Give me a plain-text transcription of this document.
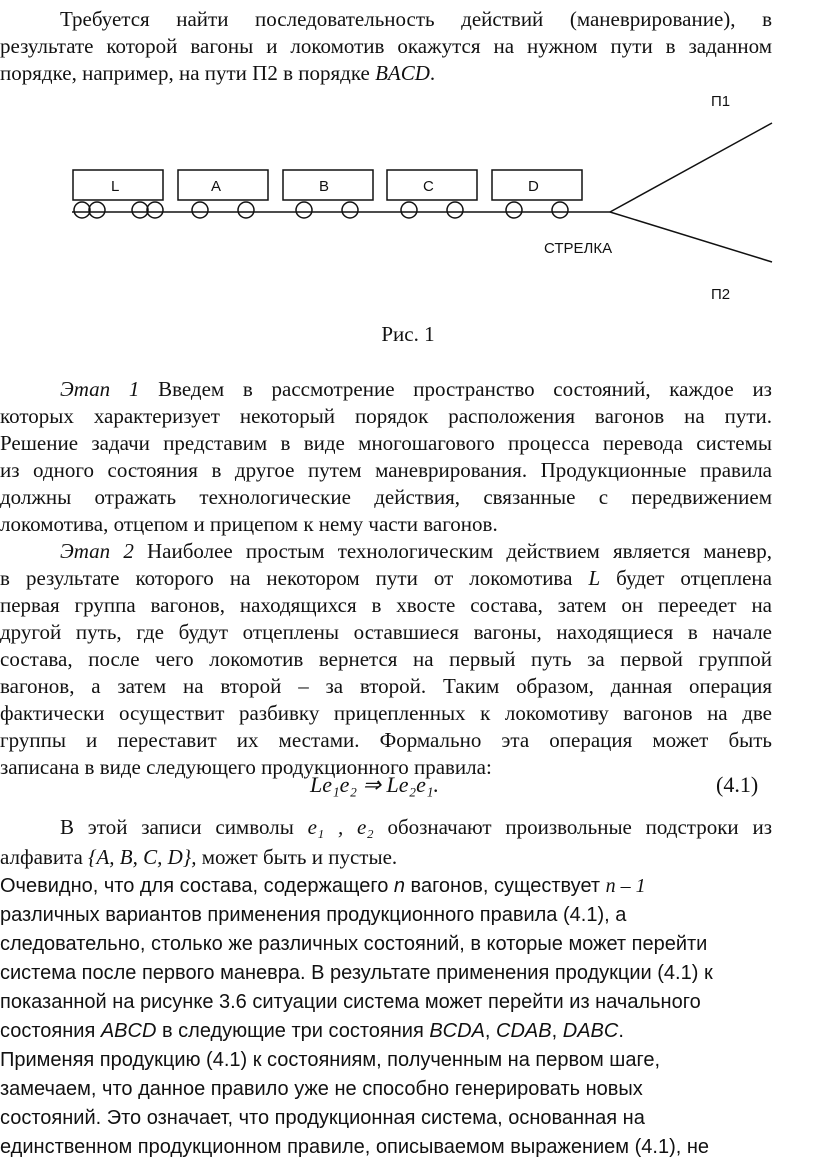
Требуется найти последовательность действий (маневрирование), в
результате которой вагоны и локомотив окажутся на нужном пути в заданном
порядке, например, на пути П2 в порядке BACD.
L	A	B	C	D
П1
СТРЕЛКА
П2
Рис. 1
Этап 1 Введем в рассмотрение пространство состояний, каждое из
которых характеризует некоторый порядок расположения вагонов на пути.
Решение задачи представим в виде многошагового процесса перевода системы
из одного состояния в другое путем маневрирования. Продукционные правила
должны отражать технологические действия, связанные с передвижением
локомотива, отцепом и прицепом к нему части вагонов.
Этап 2 Наиболее простым технологическим действием является маневр,
в результате которого на некотором пути от локомотива L будет отцеплена
первая группа вагонов, находящихся в хвосте состава, затем он переедет на
другой путь, где будут отцеплены оставшиеся вагоны, находящиеся в начале
состава, после чего локомотив вернется на первый путь за первой группой
вагонов, а затем на второй – за второй. Таким образом, данная операция
фактически осуществит разбивку прицепленных к локомотиву вагонов на две
группы и переставит их местами. Формально эта операция может быть
записана в виде следующего продукционного правила:
Le₁e₂ ⇒ Le₂e₁.	(4.1)
В этой записи символы e₁ , e₂ обозначают произвольные подстроки из
алфавита {A, B, C, D}, может быть и пустые.
Очевидно, что для состава, содержащего n вагонов, существует n – 1
различных вариантов применения продукционного правила (4.1), а
следовательно, столько же различных состояний, в которые может перейти
система после первого маневра. В результате применения продукции (4.1) к
показанной на рисунке 3.6 ситуации система может перейти из начального
состояния ABCD в следующие три состояния BCDA, CDAB, DABC.
Применяя продукцию (4.1) к состояниям, полученным на первом шаге,
замечаем, что данное правило уже не способно генерировать новых
состояний. Это означает, что продукционная система, основанная на
единственном продукционном правиле, описываемом выражением (4.1), не
